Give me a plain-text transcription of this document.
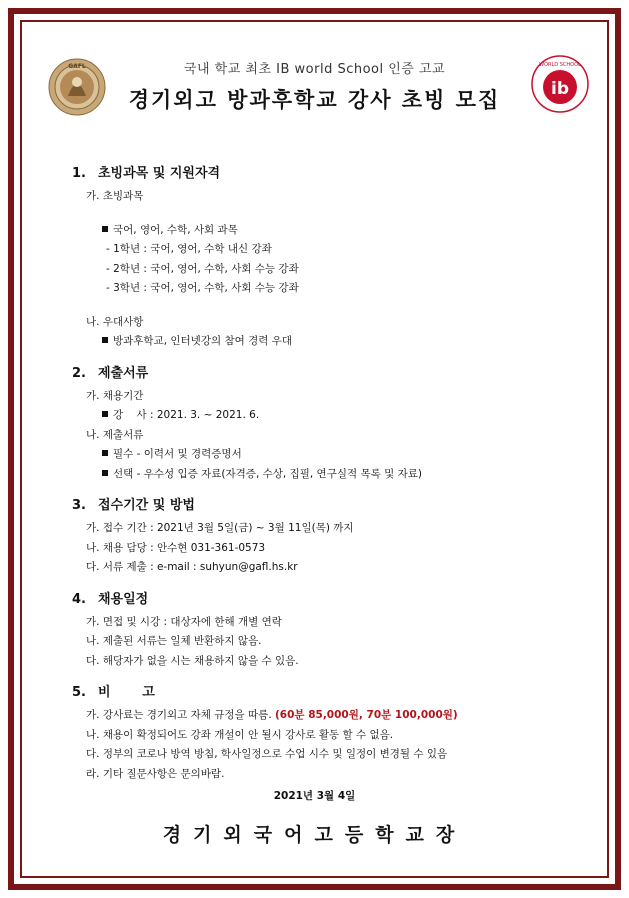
GAFL
ib
WORLD SCHOOL
국내 학교 최초 IB world School 인증 고교
경기외고 방과후학교 강사 초빙 모집
1. 초빙과목 및 지원자격
가. 초빙과목
국어, 영어, 수학, 사회 과목
- 1학년 : 국어, 영어, 수학 내신 강좌
- 2학년 : 국어, 영어, 수학, 사회 수능 강좌
- 3학년 : 국어, 영어, 수학, 사회 수능 강좌
나. 우대사항
방과후학교, 인터넷강의 참여 경력 우대
2. 제출서류
가. 채용기간
강    사 : 2021. 3. ~ 2021. 6.
나. 제출서류
필수 - 이력서 및 경력증명서
선택 - 우수성 입증 자료(자격증, 수상, 집필, 연구실적 목록 및 자료)
3. 접수기간 및 방법
가. 접수 기간 : 2021년 3월 5일(금) ~ 3월 11일(목) 까지
나. 채용 담당 : 안수현 031-361-0573
다. 서류 제출 : e-mail : suhyun@gafl.hs.kr
4. 채용일정
가. 면접 및 시강 : 대상자에 한해 개별 연락
나. 제출된 서류는 일체 반환하지 않음.
다. 해당자가 없을 시는 채용하지 않을 수 있음.
5. 비       고
가. 강사료는 경기외고 자체 규정을 따름. (60분 85,000원, 70분 100,000원)
나. 채용이 확정되어도 강좌 개설이 안 될시 강사로 활동 할 수 없음.
다. 정부의 코로나 방역 방침, 학사일정으로 수업 시수 및 일정이 변경될 수 있음
라. 기타 질문사항은 문의바람.
2021년 3월 4일
경기외국어고등학교장
